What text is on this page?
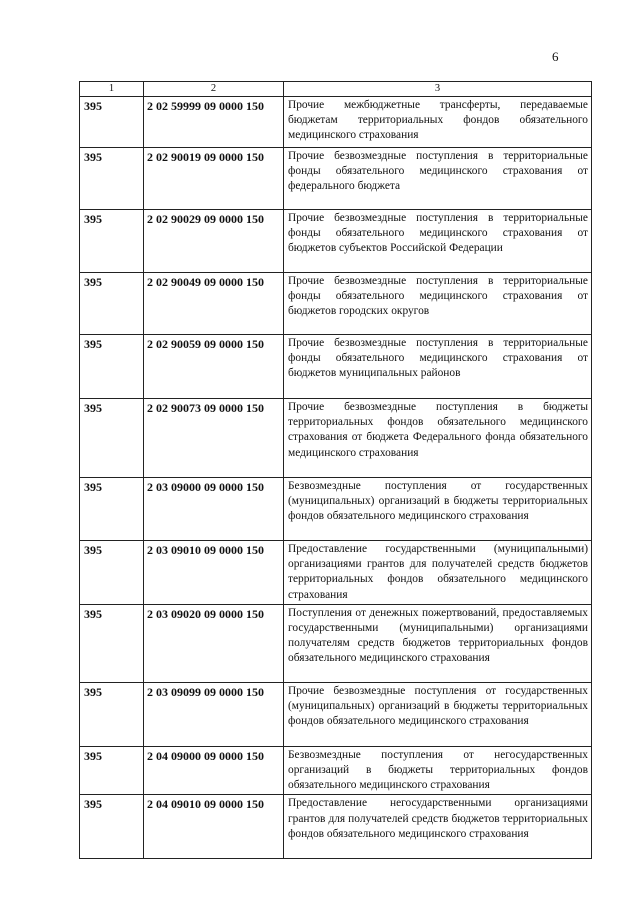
6
1	2	3
395	2 02 59999 09 0000 150	Прочие межбюджетные трансферты, передаваемые бюджетам территориальных фондов обязательного медицинского страхования

395	2 02 90019 09 0000 150	Прочие безвозмездные поступления в территориальные фонды обязательного медицинского страхования от федерального бюджета

395	2 02 90029 09 0000 150	Прочие безвозмездные поступления в территориальные фонды обязательного медицинского страхования от бюджетов субъектов Российской Федерации

395	2 02 90049 09 0000 150	Прочие безвозмездные поступления в территориальные фонды обязательного медицинского страхования от бюджетов городских округов

395	2 02 90059 09 0000 150	Прочие безвозмездные поступления в территориальные фонды обязательного медицинского страхования от бюджетов муниципальных районов

395	2 02 90073 09 0000 150	Прочие безвозмездные поступления в бюджеты территориальных фондов обязательного медицинского страхования от бюджета Федерального фонда обязательного медицинского страхования

395	2 03 09000 09 0000 150	Безвозмездные поступления от государственных (муниципальных) организаций в бюджеты территориальных фондов обязательного медицинского страхования

395	2 03 09010 09 0000 150	Предоставление государственными (муниципальными) организациями грантов для получателей средств бюджетов территориальных фондов обязательного медицинского страхования

395	2 03 09020 09 0000 150	Поступления от денежных пожертвований, предоставляемых государственными (муниципальными) организациями получателям средств бюджетов территориальных фондов обязательного медицинского страхования

395	2 03 09099 09 0000 150	Прочие безвозмездные поступления от государственных (муниципальных) организаций в бюджеты территориальных фондов обязательного медицинского страхования

395	2 04 09000 09 0000 150	Безвозмездные поступления от негосударственных организаций в бюджеты территориальных фондов обязательного медицинского страхования

395	2 04 09010 09 0000 150	Предоставление негосударственными организациями грантов для получателей средств бюджетов территориальных фондов обязательного медицинского страхования
